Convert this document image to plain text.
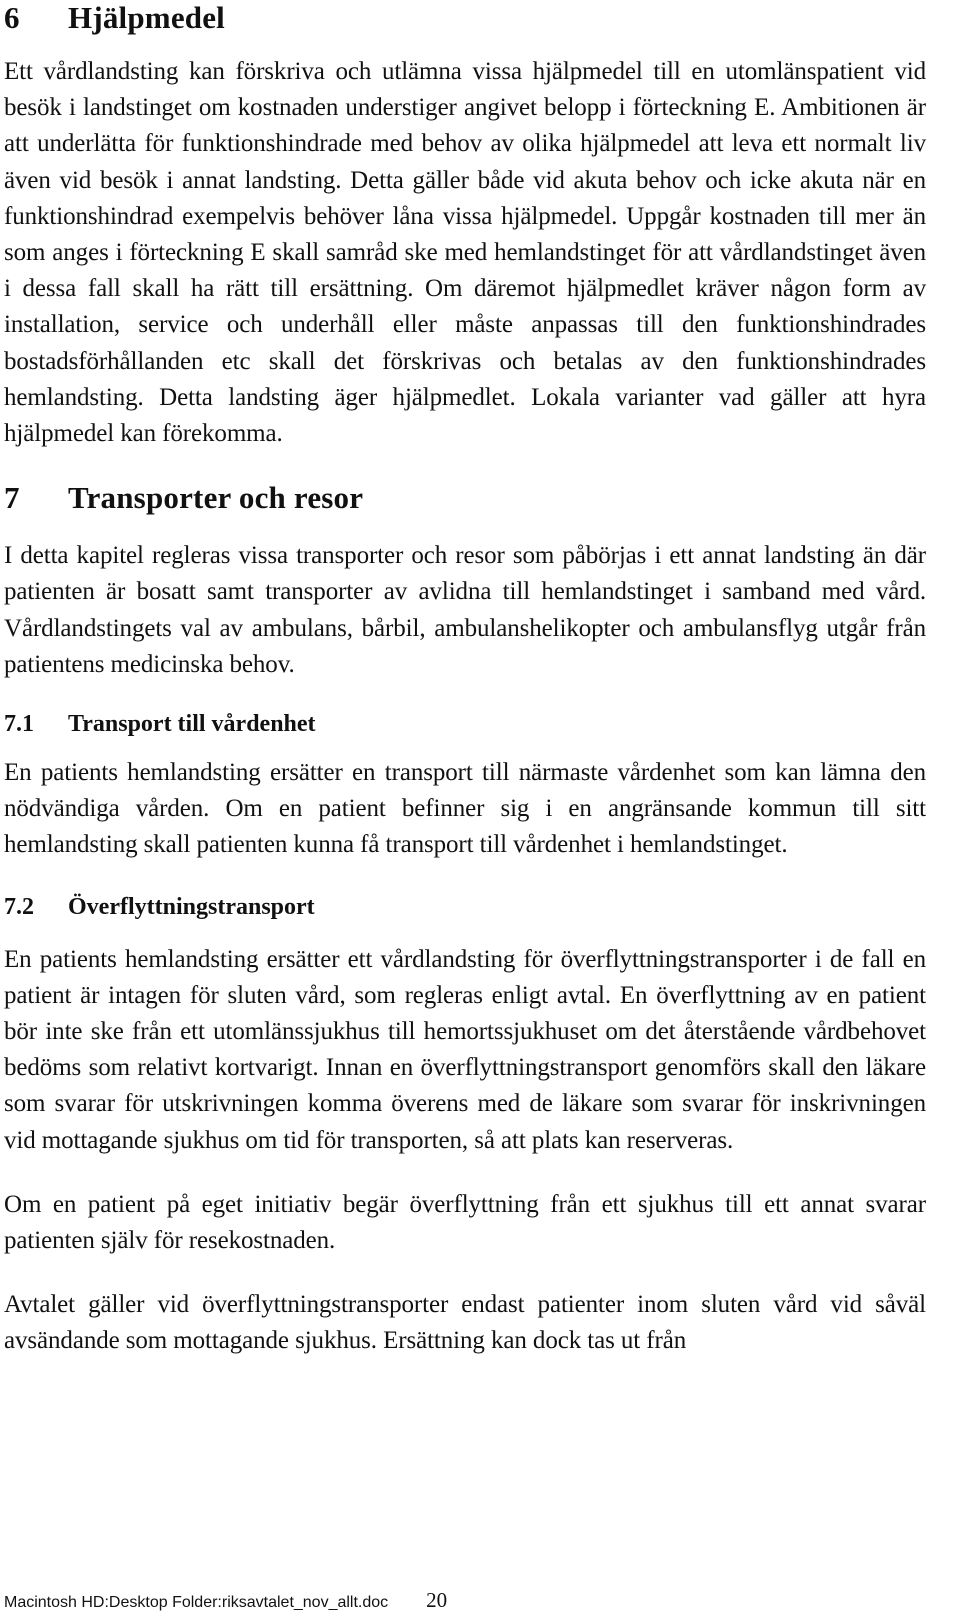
6 Hjälpmedel

Ett vårdlandsting kan förskriva och utlämna vissa hjälpmedel till en utomlänspatient vid besök i landstinget om kostnaden understiger angivet belopp i förteckning E. Ambitionen är att underlätta för funktionshindrade med behov av olika hjälpmedel att leva ett normalt liv även vid besök i annat landsting. Detta gäller både vid akuta behov och icke akuta när en funktionshindrad exempelvis behöver låna vissa hjälpmedel. Uppgår kostnaden till mer än som anges i förteckning E skall samråd ske med hemlandstinget för att vårdlandstinget även i dessa fall skall ha rätt till ersättning. Om däremot hjälpmedlet kräver någon form av installation, service och underhåll eller måste anpassas till den funktionshindrades bostadsförhållanden etc skall det förskrivas och betalas av den funktionshindrades hemlandsting. Detta landsting äger hjälpmedlet. Lokala varianter vad gäller att hyra hjälpmedel kan förekomma.

7 Transporter och resor

I detta kapitel regleras vissa transporter och resor som påbörjas i ett annat landsting än där patienten är bosatt samt transporter av avlidna till hemlandstinget i samband med vård. Vårdlandstingets val av ambulans, bårbil, ambulanshelikopter och ambulansflyg utgår från patientens medicinska behov.

7.1 Transport till vårdenhet

En patients hemlandsting ersätter en transport till närmaste vårdenhet som kan lämna den nödvändiga vården. Om en patient befinner sig i en angränsande kommun till sitt hemlandsting skall patienten kunna få transport till vårdenhet i hemlandstinget.

7.2 Överflyttningstransport

En patients hemlandsting ersätter ett vårdlandsting för överflyttningstransporter i de fall en patient är intagen för sluten vård, som regleras enligt avtal. En överflyttning av en patient bör inte ske från ett utomlänssjukhus till hemortssjukhuset om det återstående vårdbehovet bedöms som relativt kortvarigt. Innan en överflyttningstransport genomförs skall den läkare som svarar för utskrivningen komma överens med de läkare som svarar för inskrivningen vid mottagande sjukhus om tid för transporten, så att plats kan reserveras.

Om en patient på eget initiativ begär överflyttning från ett sjukhus till ett annat svarar patienten själv för resekostnaden.

Avtalet gäller vid överflyttningstransporter endast patienter inom sluten vård vid såväl avsändande som mottagande sjukhus. Ersättning kan dock tas ut från

Macintosh HD:Desktop Folder:riksavtalet_nov_allt.doc 20
